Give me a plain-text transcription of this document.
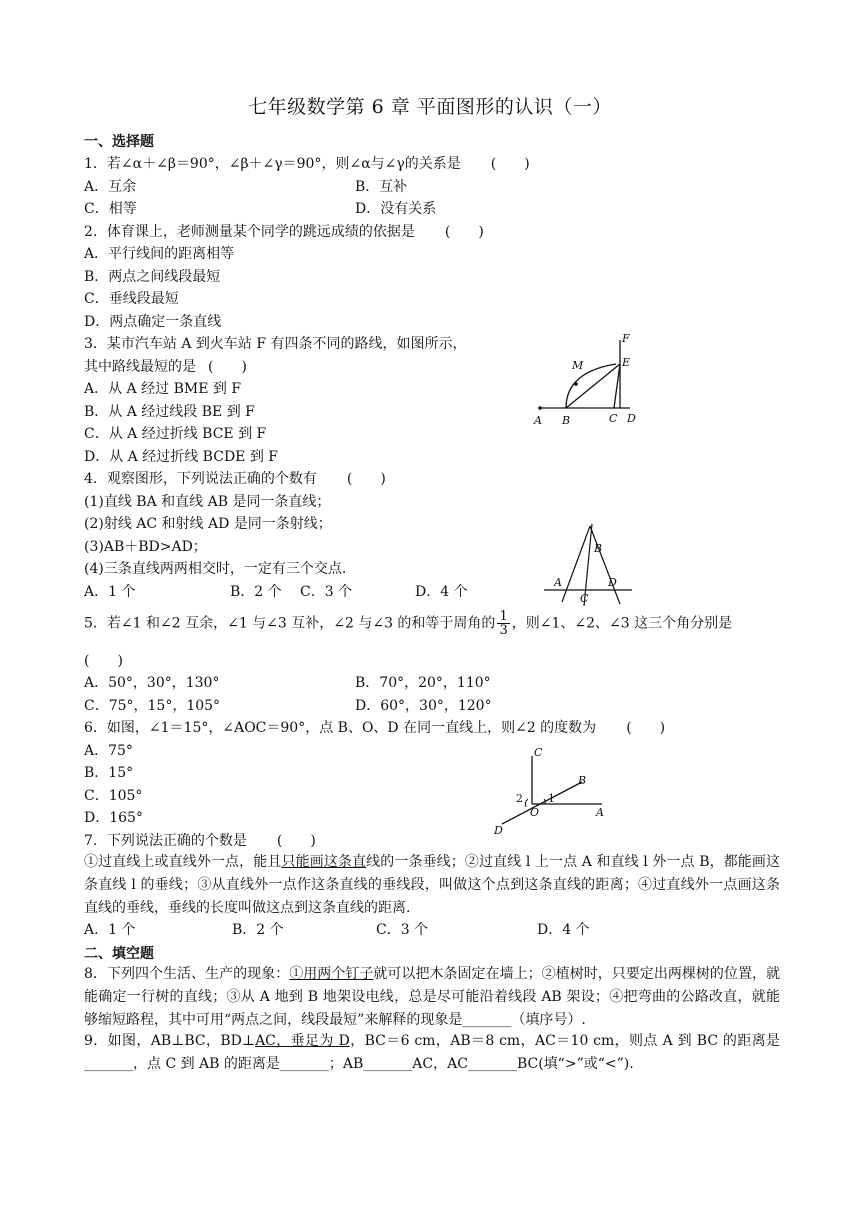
七年级数学第 6 章 平面图形的认识（一）
一、选择题
1．若∠α＋∠β＝90°，∠β＋∠γ＝90°，则∠α与∠γ的关系是 (　　)
A．互余	B．互补
C．相等	D．没有关系
2．体育课上，老师测量某个同学的跳远成绩的依据是 (　　)
A．平行线间的距离相等
B．两点之间线段最短
C．垂线段最短
D．两点确定一条直线
3．某市汽车站 A 到火车站 F 有四条不同的路线，如图所示，
其中路线最短的是 (　　)
A．从 A 经过 BME 到 F
B．从 A 经过线段 BE 到 F
C．从 A 经过折线 BCE 到 F
D．从 A 经过折线 BCDE 到 F
F
E
M
A B	C D
4．观察图形，下列说法正确的个数有 (　　)
(1)直线 BA 和直线 AB 是同一条直线；
(2)射线 AC 和射线 AD 是同一条射线；
(3)AB＋BD>AD；
(4)三条直线两两相交时，一定有三个交点.
A．1 个	B．2 个 C．3 个	D．4 个
B
A	D
C
5．若∠1 和∠2 互余，∠1 与∠3 互补，∠2 与∠3 的和等于周角的 $\frac{1}{3}$ ，则∠1、∠2、∠3 这三个角分别是
(　　)
A．50°，30°，130°	B．70°，20°，110°
C．75°，15°，105°	D．60°，30°，120°
6．如图，∠1＝15°，∠AOC＝90°，点 B、O、D 在同一直线上，则∠2 的度数为 (　　)
A．75°
B．15°
C．105°
D．165°
C
B
2 1
O	A
D
7．下列说法正确的个数是 (　　)
①过直线上或直线外一点，能且只能画这条直线的一条垂线；②过直线 l 上一点 A 和直线 l 外一点 B，都能画这条直线 l 的垂线；③从直线外一点作这条直线的垂线段，叫做这个点到这条直线的距离；④过直线外一点画这条直线的垂线，垂线的长度叫做这点到这条直线的距离.
A．1 个	B．2 个	C．3 个	D．4 个
二、填空题
8．下列四个生活、生产的现象：①用两个钉子就可以把木条固定在墙上；②植树时，只要定出两棵树的位置，就能确定一行树的直线；③从 A 地到 B 地架设电线，总是尽可能沿着线段 AB 架设；④把弯曲的公路改直，就能够缩短路程，其中可用“两点之间，线段最短”来解释的现象是_______（填序号）.
9．如图，AB⊥BC，BD⊥AC，垂足为 D，BC＝6 cm，AB＝8 cm，AC＝10 cm，则点 A 到 BC 的距离是_______，点 C 到 AB 的距离是_______；AB_______AC，AC_______BC(填“>”或“<”).
